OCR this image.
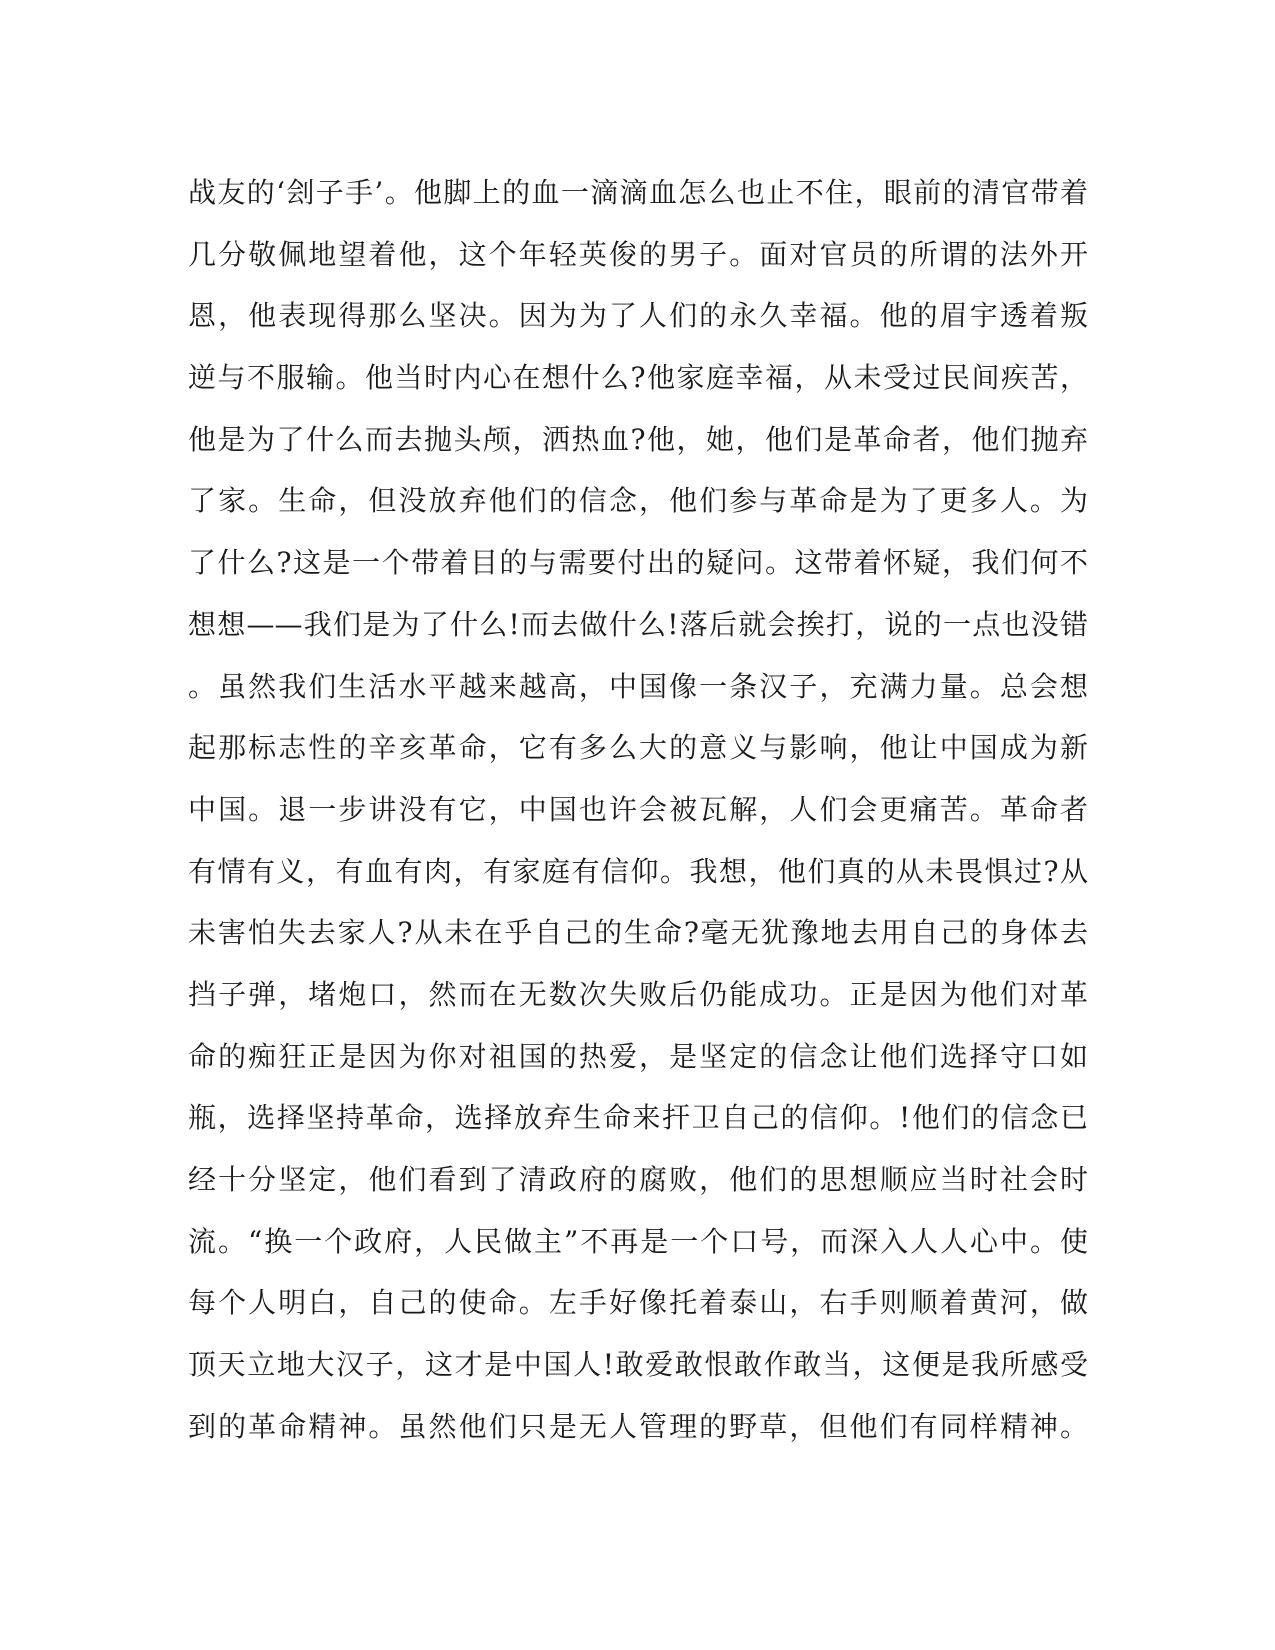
战友的‘刽子手’。他脚上的血一滴滴血怎么也止不住，眼前的清官带着
几分敬佩地望着他，这个年轻英俊的男子。面对官员的所谓的法外开
恩，他表现得那么坚决。因为为了人们的永久幸福。他的眉宇透着叛
逆与不服输。他当时内心在想什么?他家庭幸福，从未受过民间疾苦，
他是为了什么而去抛头颅，洒热血?他，她，他们是革命者，他们抛弃
了家。生命，但没放弃他们的信念，他们参与革命是为了更多人。为
了什么?这是一个带着目的与需要付出的疑问。这带着怀疑，我们何不
想想——我们是为了什么!而去做什么!落后就会挨打，说的一点也没错
。虽然我们生活水平越来越高，中国像一条汉子，充满力量。总会想
起那标志性的辛亥革命，它有多么大的意义与影响，他让中国成为新
中国。退一步讲没有它，中国也许会被瓦解，人们会更痛苦。革命者
有情有义，有血有肉，有家庭有信仰。我想，他们真的从未畏惧过?从
未害怕失去家人?从未在乎自己的生命?毫无犹豫地去用自己的身体去
挡子弹，堵炮口，然而在无数次失败后仍能成功。正是因为他们对革
命的痴狂正是因为你对祖国的热爱，是坚定的信念让他们选择守口如
瓶，选择坚持革命，选择放弃生命来扞卫自己的信仰。!他们的信念已
经十分坚定，他们看到了清政府的腐败，他们的思想顺应当时社会时
流。“换一个政府，人民做主”不再是一个口号，而深入人人心中。使
每个人明白，自己的使命。左手好像托着泰山，右手则顺着黄河，做
顶天立地大汉子，这才是中国人!敢爱敢恨敢作敢当，这便是我所感受
到的革命精神。虽然他们只是无人管理的野草，但他们有同样精神。
